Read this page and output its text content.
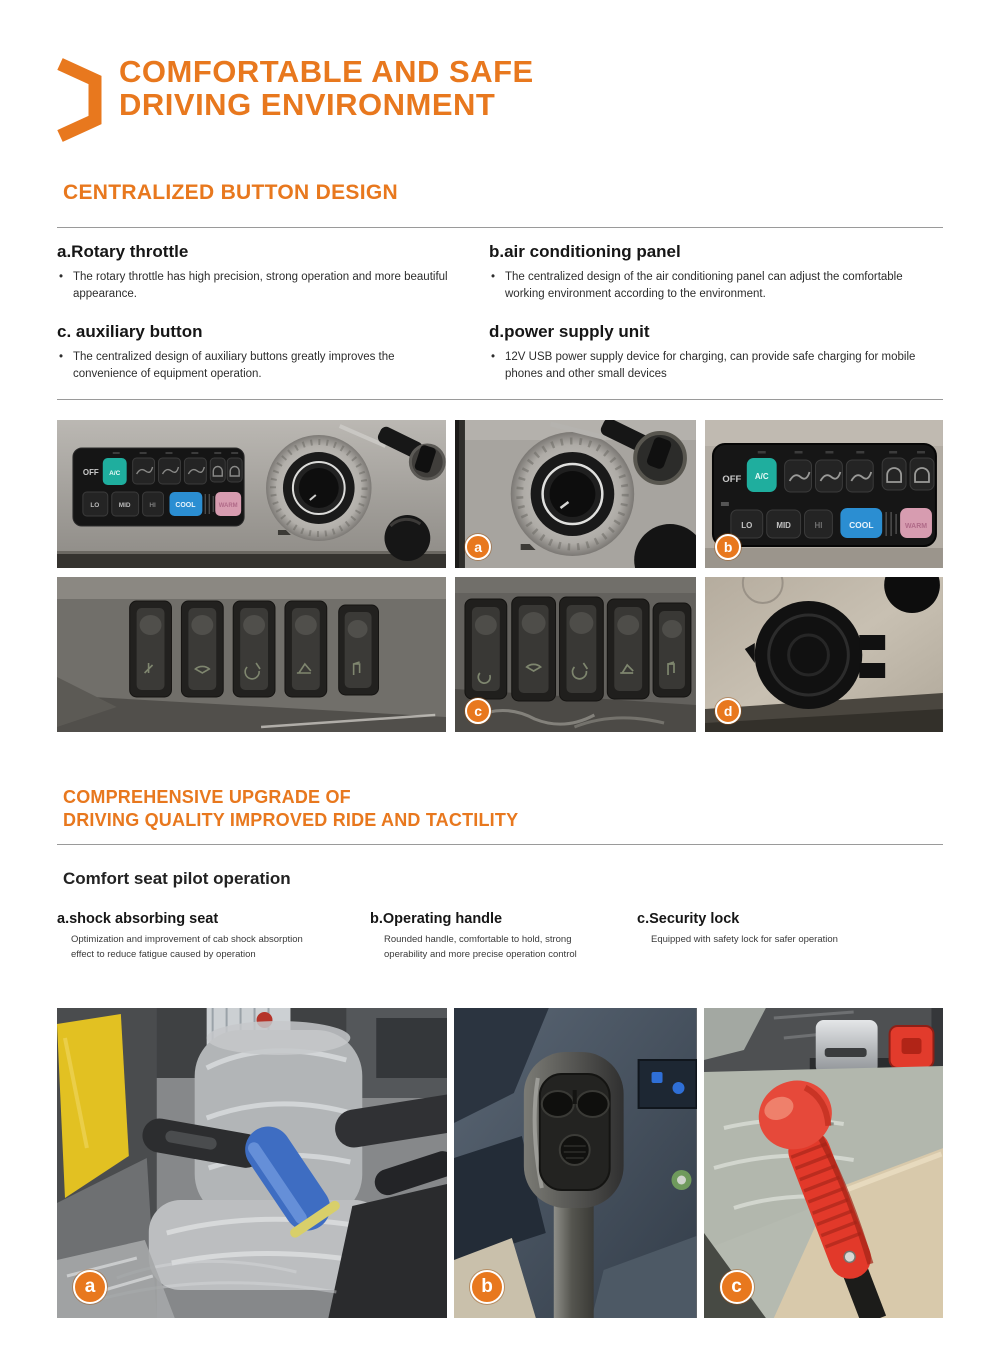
COMFORTABLE AND SAFE
DRIVING ENVIRONMENT
CENTRALIZED BUTTON DESIGN
a.Rotary throttle
• The rotary throttle has high precision, strong operation and more beautiful appearance.
b.air conditioning panel
• The centralized design of the air conditioning panel can adjust the comfortable working environment according to the environment.
c. auxiliary button
• The centralized design of auxiliary buttons greatly improves the convenience of equipment operation.
d.power supply unit
• 12V USB power supply device for charging, can provide safe charging for mobile phones and other small devices
OFF A/C
LO	MID	HI	COOL	WARM
a
OFF A/C
LO	MID	HI	COOL	WARM
b
c	d
COMPREHENSIVE UPGRADE OF
DRIVING QUALITY IMPROVED RIDE AND TACTILITY
Comfort seat pilot operation
a.shock absorbing seat
Optimization and improvement of cab shock absorption effect to reduce fatigue caused by operation
b.Operating handle
Rounded handle, comfortable to hold, strong operability and more precise operation control
c.Security lock
Equipped with safety lock for safer operation
a	b	c
